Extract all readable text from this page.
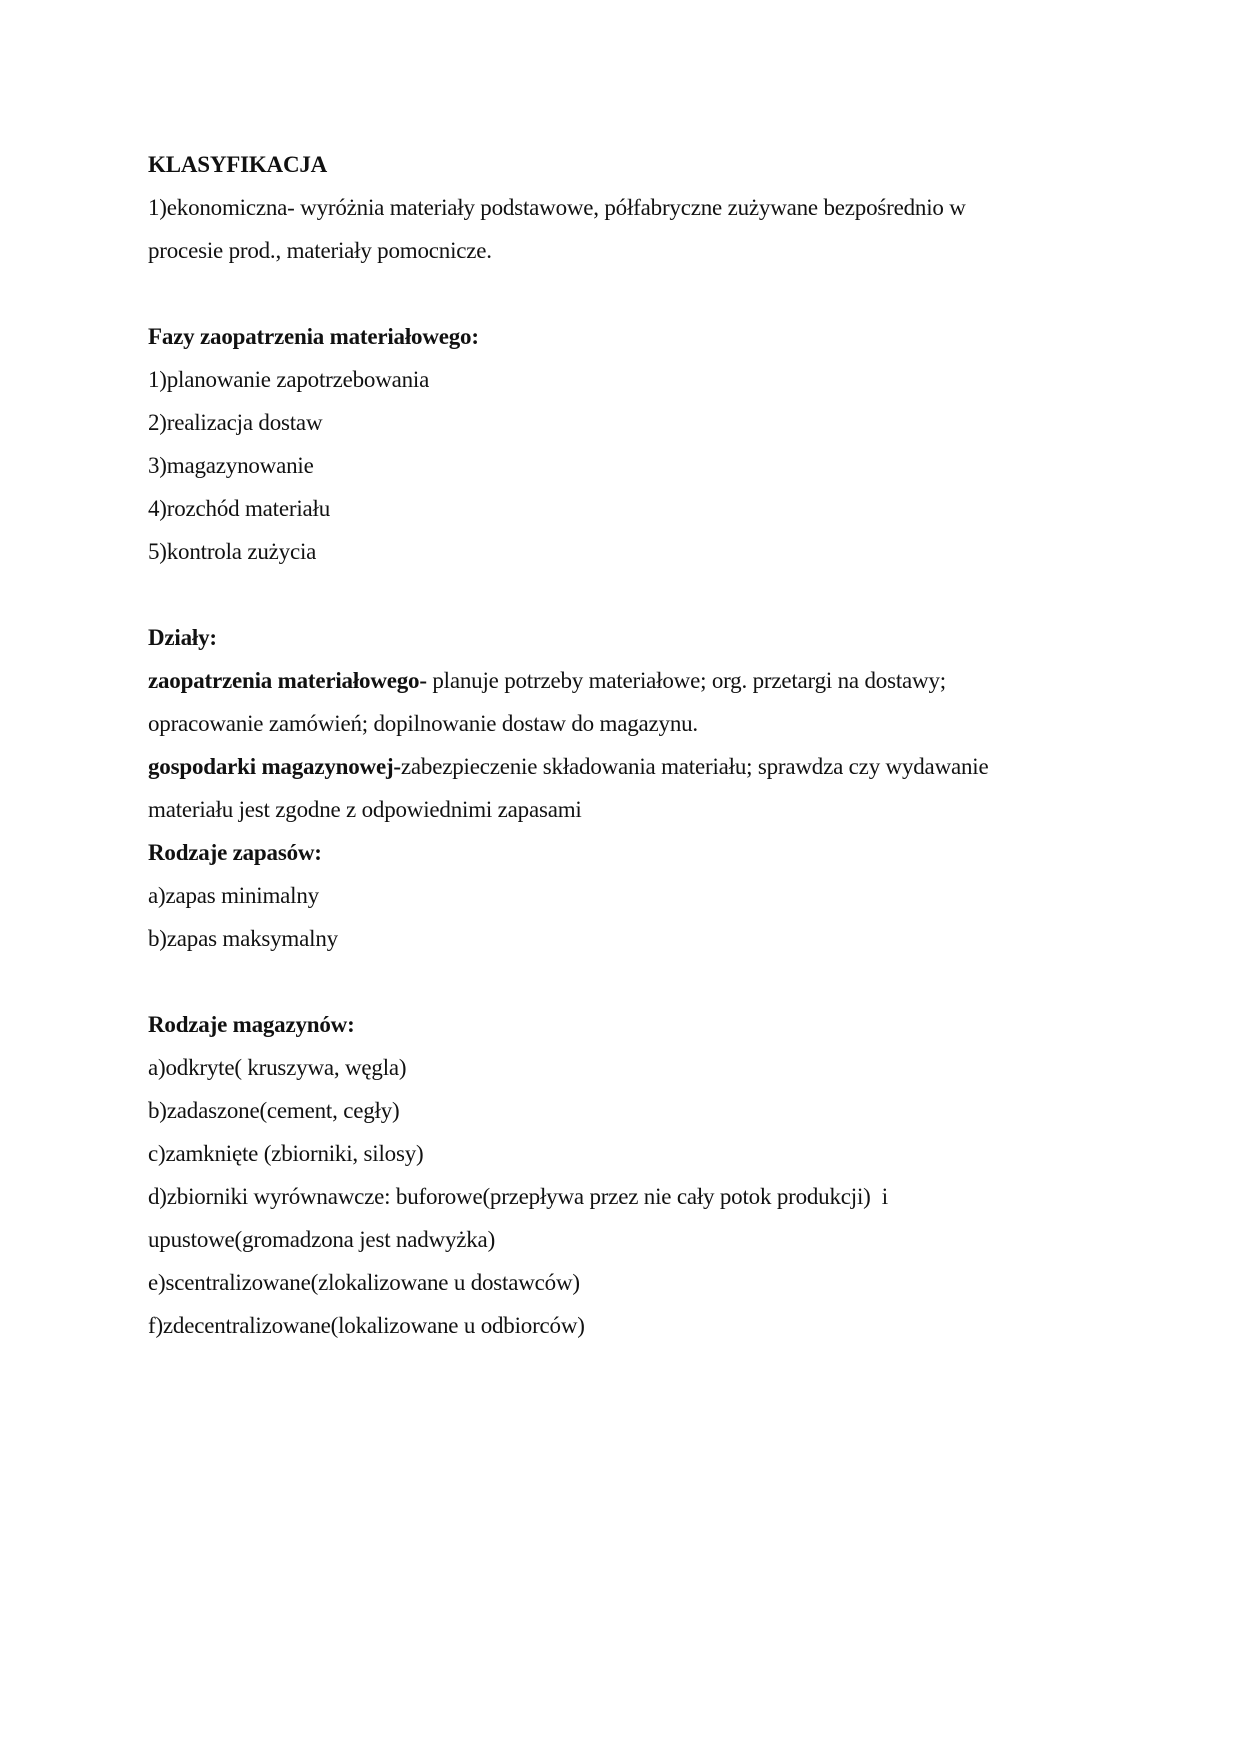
KLASYFIKACJA
1)ekonomiczna- wyróżnia materiały podstawowe, półfabryczne zużywane bezpośrednio w
procesie prod., materiały pomocnicze.
Fazy zaopatrzenia materiałowego:
1)planowanie zapotrzebowania
2)realizacja dostaw
3)magazynowanie
4)rozchód materiału
5)kontrola zużycia
Działy:
zaopatrzenia materiałowego- planuje potrzeby materiałowe; org. przetargi na dostawy;
opracowanie zamówień; dopilnowanie dostaw do magazynu.
gospodarki magazynowej-zabezpieczenie składowania materiału; sprawdza czy wydawanie
materiału jest zgodne z odpowiednimi zapasami
Rodzaje zapasów:
a)zapas minimalny
b)zapas maksymalny
Rodzaje magazynów:
a)odkryte( kruszywa, węgla)
b)zadaszone(cement, cegły)
c)zamknięte (zbiorniki, silosy)
d)zbiorniki wyrównawcze: buforowe(przepływa przez nie cały potok produkcji)  i
upustowe(gromadzona jest nadwyżka)
e)scentralizowane(zlokalizowane u dostawców)
f)zdecentralizowane(lokalizowane u odbiorców)
